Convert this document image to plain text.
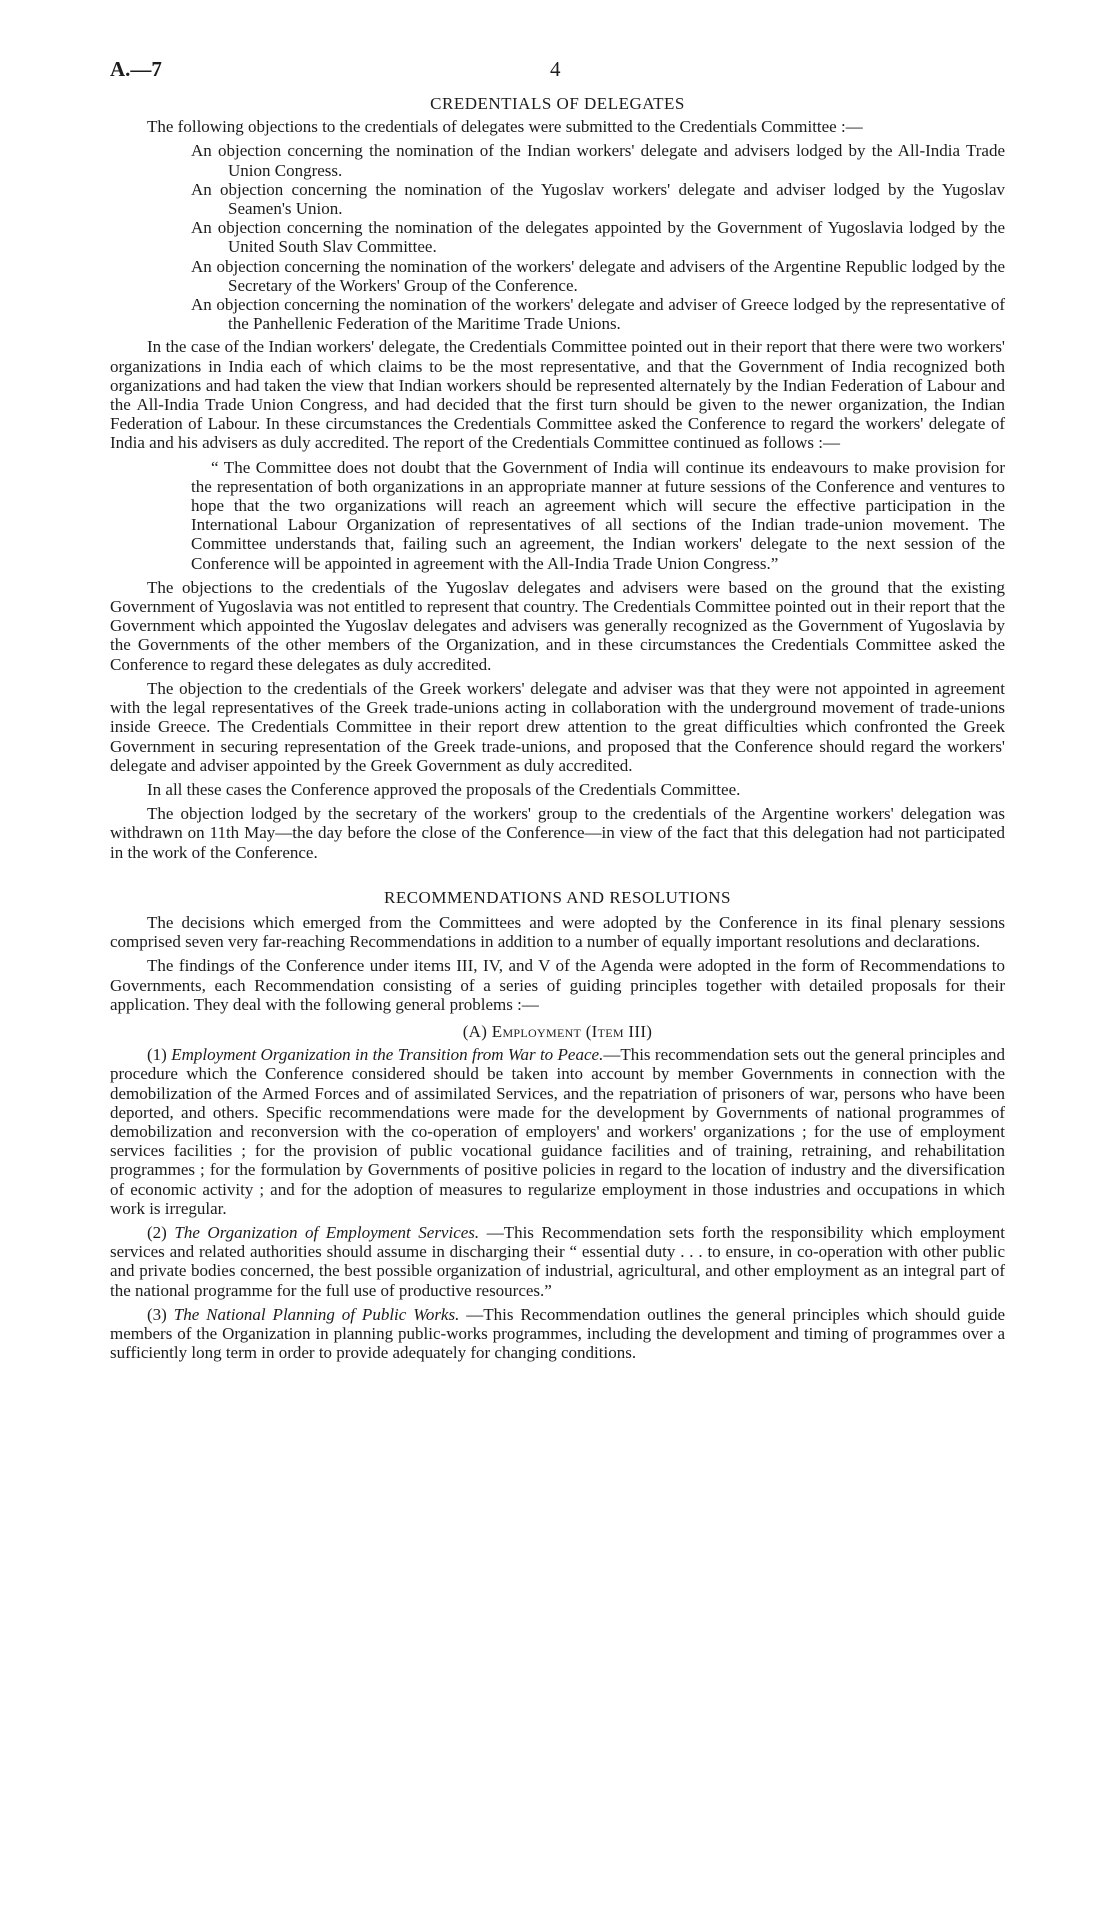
A.—7	4
CREDENTIALS OF DELEGATES

The following objections to the credentials of delegates were submitted to the Credentials Committee :—

An objection concerning the nomination of the Indian workers' delegate and advisers lodged by the All-India Trade Union Congress.
An objection concerning the nomination of the Yugoslav workers' delegate and adviser lodged by the Yugoslav Seamen's Union.
An objection concerning the nomination of the delegates appointed by the Government of Yugoslavia lodged by the United South Slav Committee.
An objection concerning the nomination of the workers' delegate and advisers of the Argentine Republic lodged by the Secretary of the Workers' Group of the Conference.
An objection concerning the nomination of the workers' delegate and adviser of Greece lodged by the representative of the Panhellenic Federation of the Maritime Trade Unions.

In the case of the Indian workers' delegate, the Credentials Committee pointed out in their report that there were two workers' organizations in India each of which claims to be the most representative, and that the Government of India recognized both organizations and had taken the view that Indian workers should be represented alternately by the Indian Federation of Labour and the All-India Trade Union Congress, and had decided that the first turn should be given to the newer organization, the Indian Federation of Labour. In these circumstances the Credentials Committee asked the Conference to regard the workers' delegate of India and his advisers as duly accredited. The report of the Credentials Committee continued as follows :—

“ The Committee does not doubt that the Government of India will continue its endeavours to make provision for the representation of both organizations in an appropriate manner at future sessions of the Conference and ventures to hope that the two organizations will reach an agreement which will secure the effective participation in the International Labour Organization of representatives of all sections of the Indian trade-union movement. The Committee understands that, failing such an agreement, the Indian workers' delegate to the next session of the Conference will be appointed in agreement with the All-India Trade Union Congress.”

The objections to the credentials of the Yugoslav delegates and advisers were based on the ground that the existing Government of Yugoslavia was not entitled to represent that country. The Credentials Committee pointed out in their report that the Government which appointed the Yugoslav delegates and advisers was generally recognized as the Government of Yugoslavia by the Governments of the other members of the Organization, and in these circumstances the Credentials Committee asked the Conference to regard these delegates as duly accredited.

The objection to the credentials of the Greek workers' delegate and adviser was that they were not appointed in agreement with the legal representatives of the Greek trade-unions acting in collaboration with the underground movement of trade-unions inside Greece. The Credentials Committee in their report drew attention to the great difficulties which confronted the Greek Government in securing representation of the Greek trade-unions, and proposed that the Conference should regard the workers' delegate and adviser appointed by the Greek Government as duly accredited.

In all these cases the Conference approved the proposals of the Credentials Committee.

The objection lodged by the secretary of the workers' group to the credentials of the Argentine workers' delegation was withdrawn on 11th May—the day before the close of the Conference—in view of the fact that this delegation had not participated in the work of the Conference.

RECOMMENDATIONS AND RESOLUTIONS

The decisions which emerged from the Committees and were adopted by the Conference in its final plenary sessions comprised seven very far-reaching Recommendations in addition to a number of equally important resolutions and declarations.

The findings of the Conference under items III, IV, and V of the Agenda were adopted in the form of Recommendations to Governments, each Recommendation consisting of a series of guiding principles together with detailed proposals for their application. They deal with the following general problems :—

(A) Employment (Item III)

(1) Employment Organization in the Transition from War to Peace.—This recommendation sets out the general principles and procedure which the Conference considered should be taken into account by member Governments in connection with the demobilization of the Armed Forces and of assimilated Services, and the repatriation of prisoners of war, persons who have been deported, and others. Specific recommendations were made for the development by Governments of national programmes of demobilization and reconversion with the co-operation of employers' and workers' organizations ; for the use of employment services facilities ; for the provision of public vocational guidance facilities and of training, retraining, and rehabilitation programmes ; for the formulation by Governments of positive policies in regard to the location of industry and the diversification of economic activity ; and for the adoption of measures to regularize employment in those industries and occupations in which work is irregular.

(2) The Organization of Employment Services. —This Recommendation sets forth the responsibility which employment services and related authorities should assume in discharging their “ essential duty . . . to ensure, in co-operation with other public and private bodies concerned, the best possible organization of industrial, agricultural, and other employment as an integral part of the national programme for the full use of productive resources.”

(3) The National Planning of Public Works. —This Recommendation outlines the general principles which should guide members of the Organization in planning public-works programmes, including the development and timing of programmes over a sufficiently long term in order to provide adequately for changing conditions.
